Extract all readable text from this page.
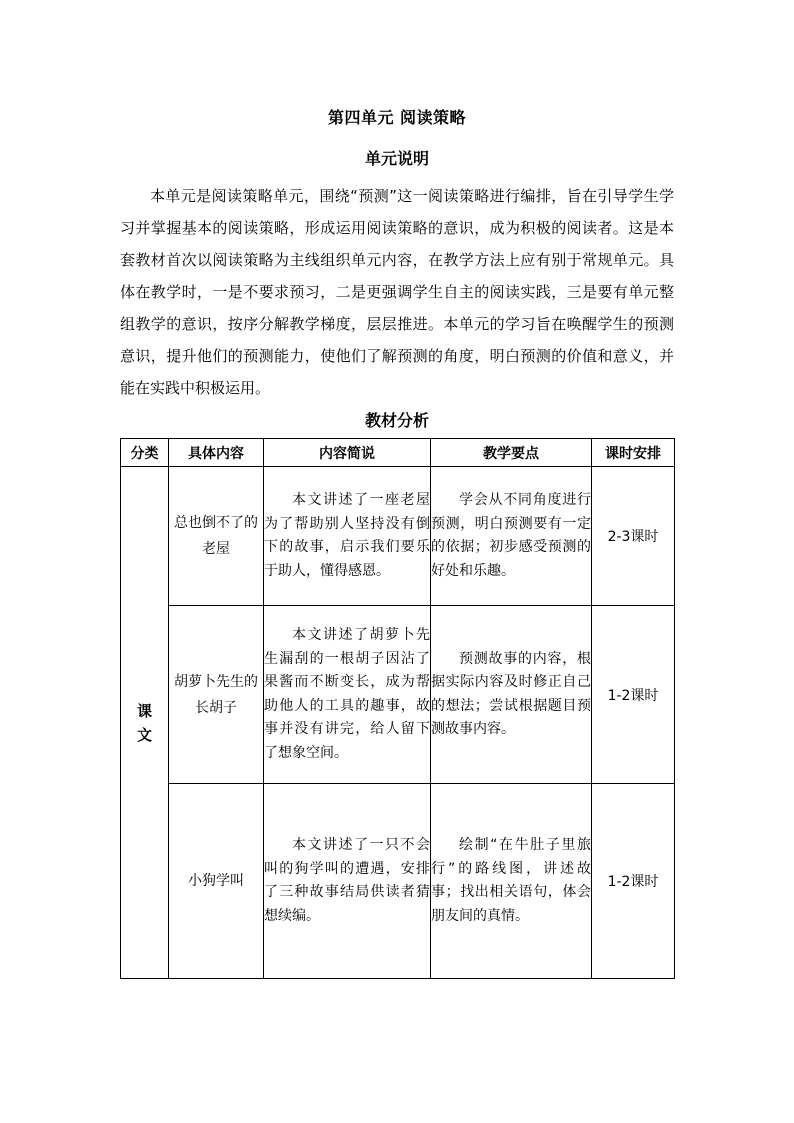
第四单元 阅读策略
单元说明
本单元是阅读策略单元，围绕“预测”这一阅读策略进行编排，旨在引导学生学习并掌握基本的阅读策略，形成运用阅读策略的意识，成为积极的阅读者。这是本套教材首次以阅读策略为主线组织单元内容，在教学方法上应有别于常规单元。具体在教学时，一是不要求预习，二是更强调学生自主的阅读实践，三是要有单元整组教学的意识，按序分解教学梯度，层层推进。本单元的学习旨在唤醒学生的预测意识，提升他们的预测能力，使他们了解预测的角度，明白预测的价值和意义，并能在实践中积极运用。
教材分析
分类	具体内容	内容简说	教学要点	课时安排
课文	总也倒不了的老屋	本文讲述了一座老屋为了帮助别人坚持没有倒下的故事，启示我们要乐于助人，懂得感恩。	学会从不同角度进行预测，明白预测要有一定的依据；初步感受预测的好处和乐趣。	2-3课时
	胡萝卜先生的长胡子	本文讲述了胡萝卜先生漏刮的一根胡子因沾了果酱而不断变长，成为帮助他人的工具的趣事，故事并没有讲完，给人留下了想象空间。	预测故事的内容，根据实际内容及时修正自己的想法；尝试根据题目预测故事内容。	1-2课时
	小狗学叫	本文讲述了一只不会叫的狗学叫的遭遇，安排了三种故事结局供读者猜想续编。	绘制“在牛肚子里旅行”的路线图，讲述故事；找出相关语句，体会朋友间的真情。	1-2课时
